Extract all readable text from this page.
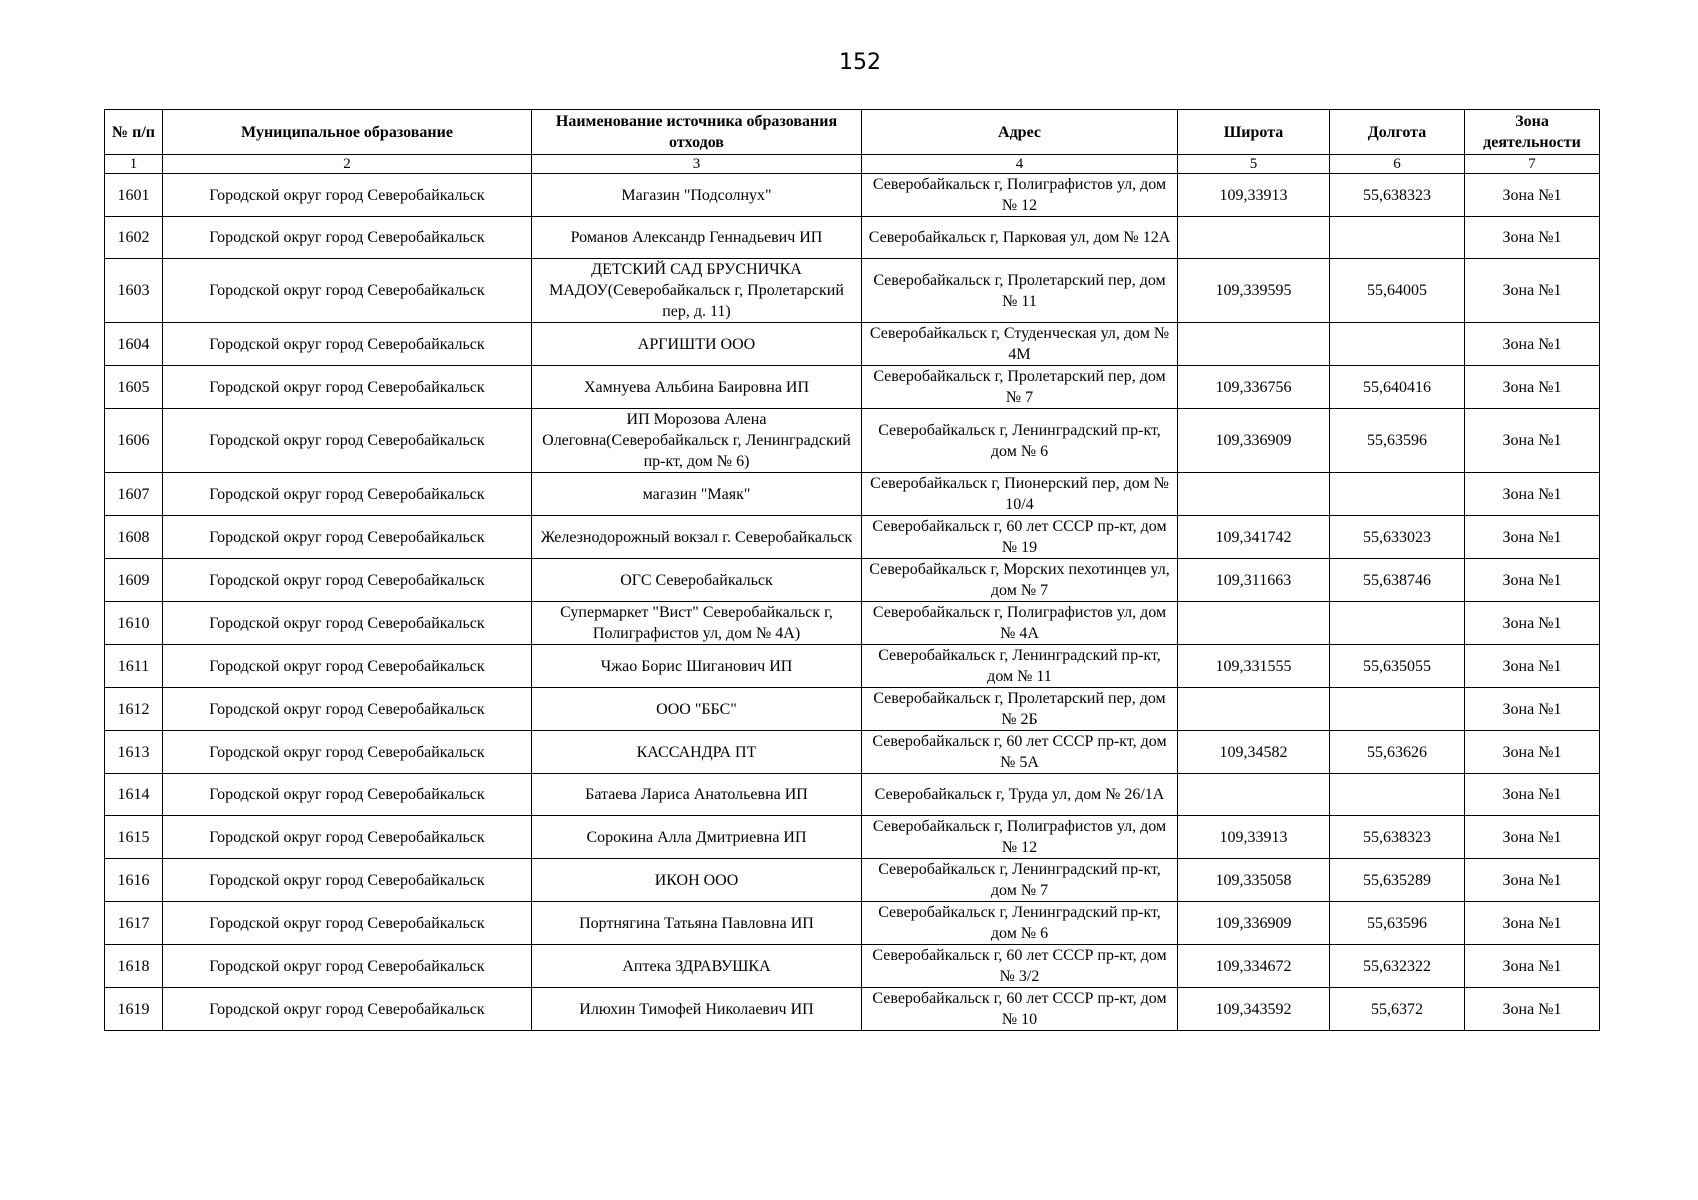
152
№ п/п	Муниципальное образование	Наименование источника образования отходов	Адрес	Широта	Долгота	Зона деятельности
1	2	3	4	5	6	7
1601	Городской округ город Северобайкальск	Магазин "Подсолнух"	Северобайкальск г, Полиграфистов ул, дом № 12	109,33913	55,638323	Зона №1
1602	Городской округ город Северобайкальск	Романов Александр Геннадьевич ИП	Северобайкальск г, Парковая ул, дом № 12А			Зона №1
1603	Городской округ город Северобайкальск	ДЕТСКИЙ САД БРУСНИЧКА МАДОУ(Северобайкальск г, Пролетарский пер, д. 11)	Северобайкальск г, Пролетарский пер, дом № 11	109,339595	55,64005	Зона №1
1604	Городской округ город Северобайкальск	АРГИШТИ ООО	Северобайкальск г, Студенческая ул, дом № 4М			Зона №1
1605	Городской округ город Северобайкальск	Хамнуева Альбина Баировна ИП	Северобайкальск г, Пролетарский пер, дом № 7	109,336756	55,640416	Зона №1
1606	Городской округ город Северобайкальск	ИП Морозова Алена Олеговна(Северобайкальск г, Ленинградский пр-кт, дом № 6)	Северобайкальск г, Ленинградский пр-кт, дом № 6	109,336909	55,63596	Зона №1
1607	Городской округ город Северобайкальск	магазин "Маяк"	Северобайкальск г, Пионерский пер, дом № 10/4			Зона №1
1608	Городской округ город Северобайкальск	Железнодорожный вокзал г. Северобайкальск	Северобайкальск г, 60 лет СССР пр-кт, дом № 19	109,341742	55,633023	Зона №1
1609	Городской округ город Северобайкальск	ОГС Северобайкальск	Северобайкальск г, Морских пехотинцев ул, дом № 7	109,311663	55,638746	Зона №1
1610	Городской округ город Северобайкальск	Супермаркет "Вист" Северобайкальск г, Полиграфистов ул, дом № 4А)	Северобайкальск г, Полиграфистов ул, дом № 4А			Зона №1
1611	Городской округ город Северобайкальск	Чжао Борис Шиганович ИП	Северобайкальск г, Ленинградский пр-кт, дом № 11	109,331555	55,635055	Зона №1
1612	Городской округ город Северобайкальск	ООО "ББС"	Северобайкальск г, Пролетарский пер, дом № 2Б			Зона №1
1613	Городской округ город Северобайкальск	КАССАНДРА ПТ	Северобайкальск г, 60 лет СССР пр-кт, дом № 5А	109,34582	55,63626	Зона №1
1614	Городской округ город Северобайкальск	Батаева Лариса Анатольевна ИП	Северобайкальск г, Труда ул, дом № 26/1А			Зона №1
1615	Городской округ город Северобайкальск	Сорокина Алла Дмитриевна ИП	Северобайкальск г, Полиграфистов ул, дом № 12	109,33913	55,638323	Зона №1
1616	Городской округ город Северобайкальск	ИКОН ООО	Северобайкальск г, Ленинградский пр-кт, дом № 7	109,335058	55,635289	Зона №1
1617	Городской округ город Северобайкальск	Портнягина Татьяна Павловна ИП	Северобайкальск г, Ленинградский пр-кт, дом № 6	109,336909	55,63596	Зона №1
1618	Городской округ город Северобайкальск	Аптека ЗДРАВУШКА	Северобайкальск г, 60 лет СССР пр-кт, дом № 3/2	109,334672	55,632322	Зона №1
1619	Городской округ город Северобайкальск	Илюхин Тимофей Николаевич ИП	Северобайкальск г, 60 лет СССР пр-кт, дом № 10	109,343592	55,6372	Зона №1
